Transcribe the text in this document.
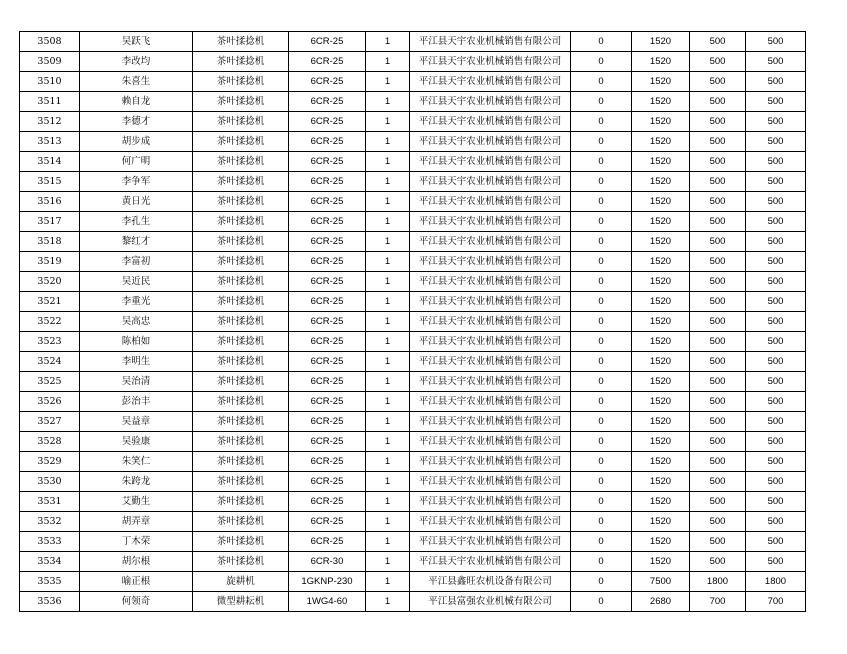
3508	吴跃飞	茶叶揉捻机	6CR-25	1	平江县天宇农业机械销售有限公司	0	1520	500	500
3509	李改均	茶叶揉捻机	6CR-25	1	平江县天宇农业机械销售有限公司	0	1520	500	500
3510	朱喜生	茶叶揉捻机	6CR-25	1	平江县天宇农业机械销售有限公司	0	1520	500	500
3511	赖自龙	茶叶揉捻机	6CR-25	1	平江县天宇农业机械销售有限公司	0	1520	500	500
3512	李德才	茶叶揉捻机	6CR-25	1	平江县天宇农业机械销售有限公司	0	1520	500	500
3513	胡步成	茶叶揉捻机	6CR-25	1	平江县天宇农业机械销售有限公司	0	1520	500	500
3514	何广明	茶叶揉捻机	6CR-25	1	平江县天宇农业机械销售有限公司	0	1520	500	500
3515	李争军	茶叶揉捻机	6CR-25	1	平江县天宇农业机械销售有限公司	0	1520	500	500
3516	黄日光	茶叶揉捻机	6CR-25	1	平江县天宇农业机械销售有限公司	0	1520	500	500
3517	李孔生	茶叶揉捻机	6CR-25	1	平江县天宇农业机械销售有限公司	0	1520	500	500
3518	黎红才	茶叶揉捻机	6CR-25	1	平江县天宇农业机械销售有限公司	0	1520	500	500
3519	李富初	茶叶揉捻机	6CR-25	1	平江县天宇农业机械销售有限公司	0	1520	500	500
3520	吴近民	茶叶揉捻机	6CR-25	1	平江县天宇农业机械销售有限公司	0	1520	500	500
3521	李重光	茶叶揉捻机	6CR-25	1	平江县天宇农业机械销售有限公司	0	1520	500	500
3522	吴高忠	茶叶揉捻机	6CR-25	1	平江县天宇农业机械销售有限公司	0	1520	500	500
3523	陈柏如	茶叶揉捻机	6CR-25	1	平江县天宇农业机械销售有限公司	0	1520	500	500
3524	李明生	茶叶揉捻机	6CR-25	1	平江县天宇农业机械销售有限公司	0	1520	500	500
3525	吴治清	茶叶揉捻机	6CR-25	1	平江县天宇农业机械销售有限公司	0	1520	500	500
3526	彭治丰	茶叶揉捻机	6CR-25	1	平江县天宇农业机械销售有限公司	0	1520	500	500
3527	吴益章	茶叶揉捻机	6CR-25	1	平江县天宇农业机械销售有限公司	0	1520	500	500
3528	吴验康	茶叶揉捻机	6CR-25	1	平江县天宇农业机械销售有限公司	0	1520	500	500
3529	朱笑仁	茶叶揉捻机	6CR-25	1	平江县天宇农业机械销售有限公司	0	1520	500	500
3530	朱跨龙	茶叶揉捻机	6CR-25	1	平江县天宇农业机械销售有限公司	0	1520	500	500
3531	艾勤生	茶叶揉捻机	6CR-25	1	平江县天宇农业机械销售有限公司	0	1520	500	500
3532	胡弄章	茶叶揉捻机	6CR-25	1	平江县天宇农业机械销售有限公司	0	1520	500	500
3533	丁木荣	茶叶揉捻机	6CR-25	1	平江县天宇农业机械销售有限公司	0	1520	500	500
3534	胡尔根	茶叶揉捻机	6CR-30	1	平江县天宇农业机械销售有限公司	0	1520	500	500
3535	喻正根	旋耕机	1GKNP-230	1	平江县鑫旺农机设备有限公司	0	7500	1800	1800
3536	何领奇	微型耕耘机	1WG4-60	1	平江县富强农业机械有限公司	0	2680	700	700
